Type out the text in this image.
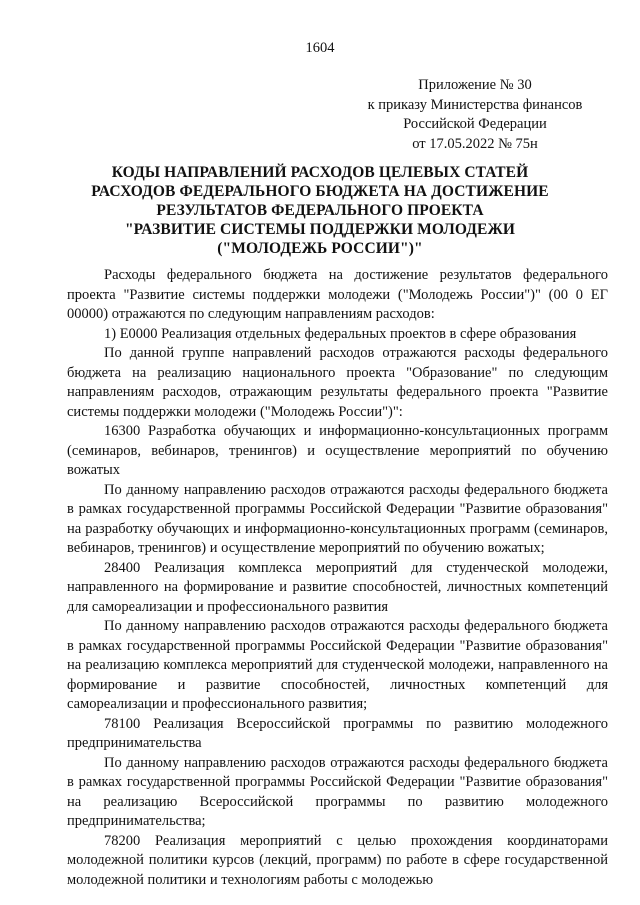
1604
Приложение № 30
к приказу Министерства финансов
Российской Федерации
от 17.05.2022 № 75н
КОДЫ НАПРАВЛЕНИЙ РАСХОДОВ ЦЕЛЕВЫХ СТАТЕЙ
РАСХОДОВ ФЕДЕРАЛЬНОГО БЮДЖЕТА НА ДОСТИЖЕНИЕ
РЕЗУЛЬТАТОВ ФЕДЕРАЛЬНОГО ПРОЕКТА
"РАЗВИТИЕ СИСТЕМЫ ПОДДЕРЖКИ МОЛОДЕЖИ
("МОЛОДЕЖЬ РОССИИ")"

Расходы федерального бюджета на достижение результатов федерального проекта "Развитие системы поддержки молодежи ("Молодежь России")" (00 0 ЕГ 00000) отражаются по следующим направлениям расходов:

1) Е0000 Реализация отдельных федеральных проектов в сфере образования

По данной группе направлений расходов отражаются расходы федерального бюджета на реализацию национального проекта "Образование" по следующим направлениям расходов, отражающим результаты федерального проекта "Развитие системы поддержки молодежи ("Молодежь России")":

16300 Разработка обучающих и информационно-консультационных программ (семинаров, вебинаров, тренингов) и осуществление мероприятий по обучению вожатых

По данному направлению расходов отражаются расходы федерального бюджета в рамках государственной программы Российской Федерации "Развитие образования" на разработку обучающих и информационно-консультационных программ (семинаров, вебинаров, тренингов) и осуществление мероприятий по обучению вожатых;

28400 Реализация комплекса мероприятий для студенческой молодежи, направленного на формирование и развитие способностей, личностных компетенций для самореализации и профессионального развития

По данному направлению расходов отражаются расходы федерального бюджета в рамках государственной программы Российской Федерации "Развитие образования" на реализацию комплекса мероприятий для студенческой молодежи, направленного на формирование и развитие способностей, личностных компетенций для самореализации и профессионального развития;

78100 Реализация Всероссийской программы по развитию молодежного предпринимательства

По данному направлению расходов отражаются расходы федерального бюджета в рамках государственной программы Российской Федерации "Развитие образования" на реализацию Всероссийской программы по развитию молодежного предпринимательства;

78200 Реализация мероприятий с целью прохождения координаторами молодежной политики курсов (лекций, программ) по работе в сфере государственной молодежной политики и технологиям работы с молодежью
